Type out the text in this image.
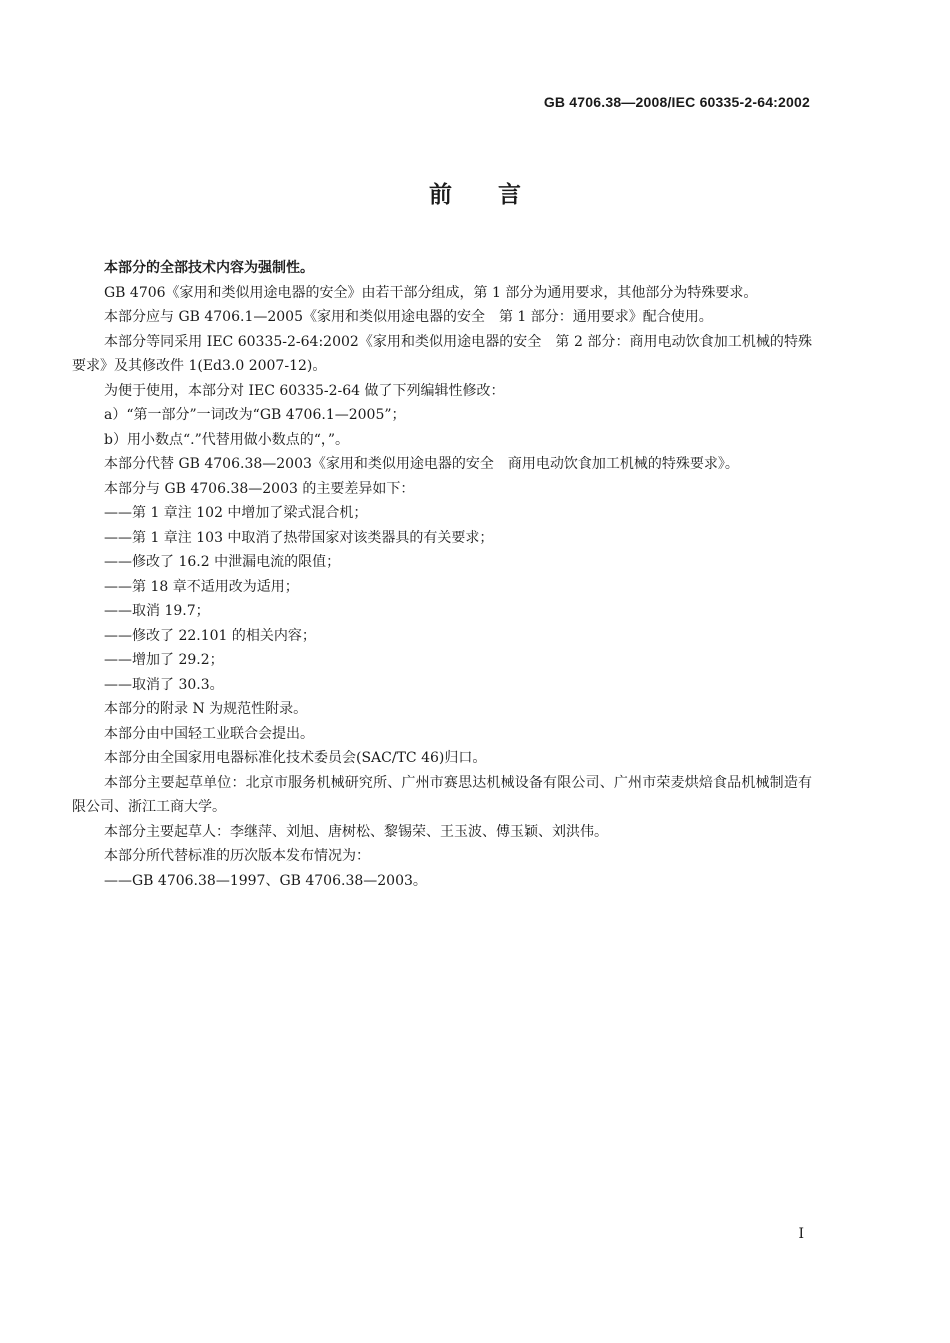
GB 4706.38—2008/IEC 60335-2-64:2002
前　　言

本部分的全部技术内容为强制性。

GB 4706《家用和类似用途电器的安全》由若干部分组成，第 1 部分为通用要求，其他部分为特殊要求。

本部分应与 GB 4706.1—2005《家用和类似用途电器的安全　第 1 部分：通用要求》配合使用。

本部分等同采用 IEC 60335-2-64:2002《家用和类似用途电器的安全　第 2 部分：商用电动饮食加工机械的特殊要求》及其修改件 1(Ed3.0 2007-12)。

为便于使用，本部分对 IEC 60335-2-64 做了下列编辑性修改：

a）“第一部分”一词改为“GB 4706.1—2005”；

b）用小数点“.”代替用做小数点的“，”。

本部分代替 GB 4706.38—2003《家用和类似用途电器的安全　商用电动饮食加工机械的特殊要求》。

本部分与 GB 4706.38—2003 的主要差异如下：

——第 1 章注 102 中增加了梁式混合机；

——第 1 章注 103 中取消了热带国家对该类器具的有关要求；

——修改了 16.2 中泄漏电流的限值；

——第 18 章不适用改为适用；

——取消 19.7；

——修改了 22.101 的相关内容；

——增加了 29.2；

——取消了 30.3。

本部分的附录 N 为规范性附录。

本部分由中国轻工业联合会提出。

本部分由全国家用电器标准化技术委员会(SAC/TC 46)归口。

本部分主要起草单位：北京市服务机械研究所、广州市赛思达机械设备有限公司、广州市荣麦烘焙食品机械制造有限公司、浙江工商大学。

本部分主要起草人：李继萍、刘旭、唐树松、黎锡荣、王玉波、傅玉颖、刘洪伟。

本部分所代替标准的历次版本发布情况为：

——GB 4706.38—1997、GB 4706.38—2003。

I
